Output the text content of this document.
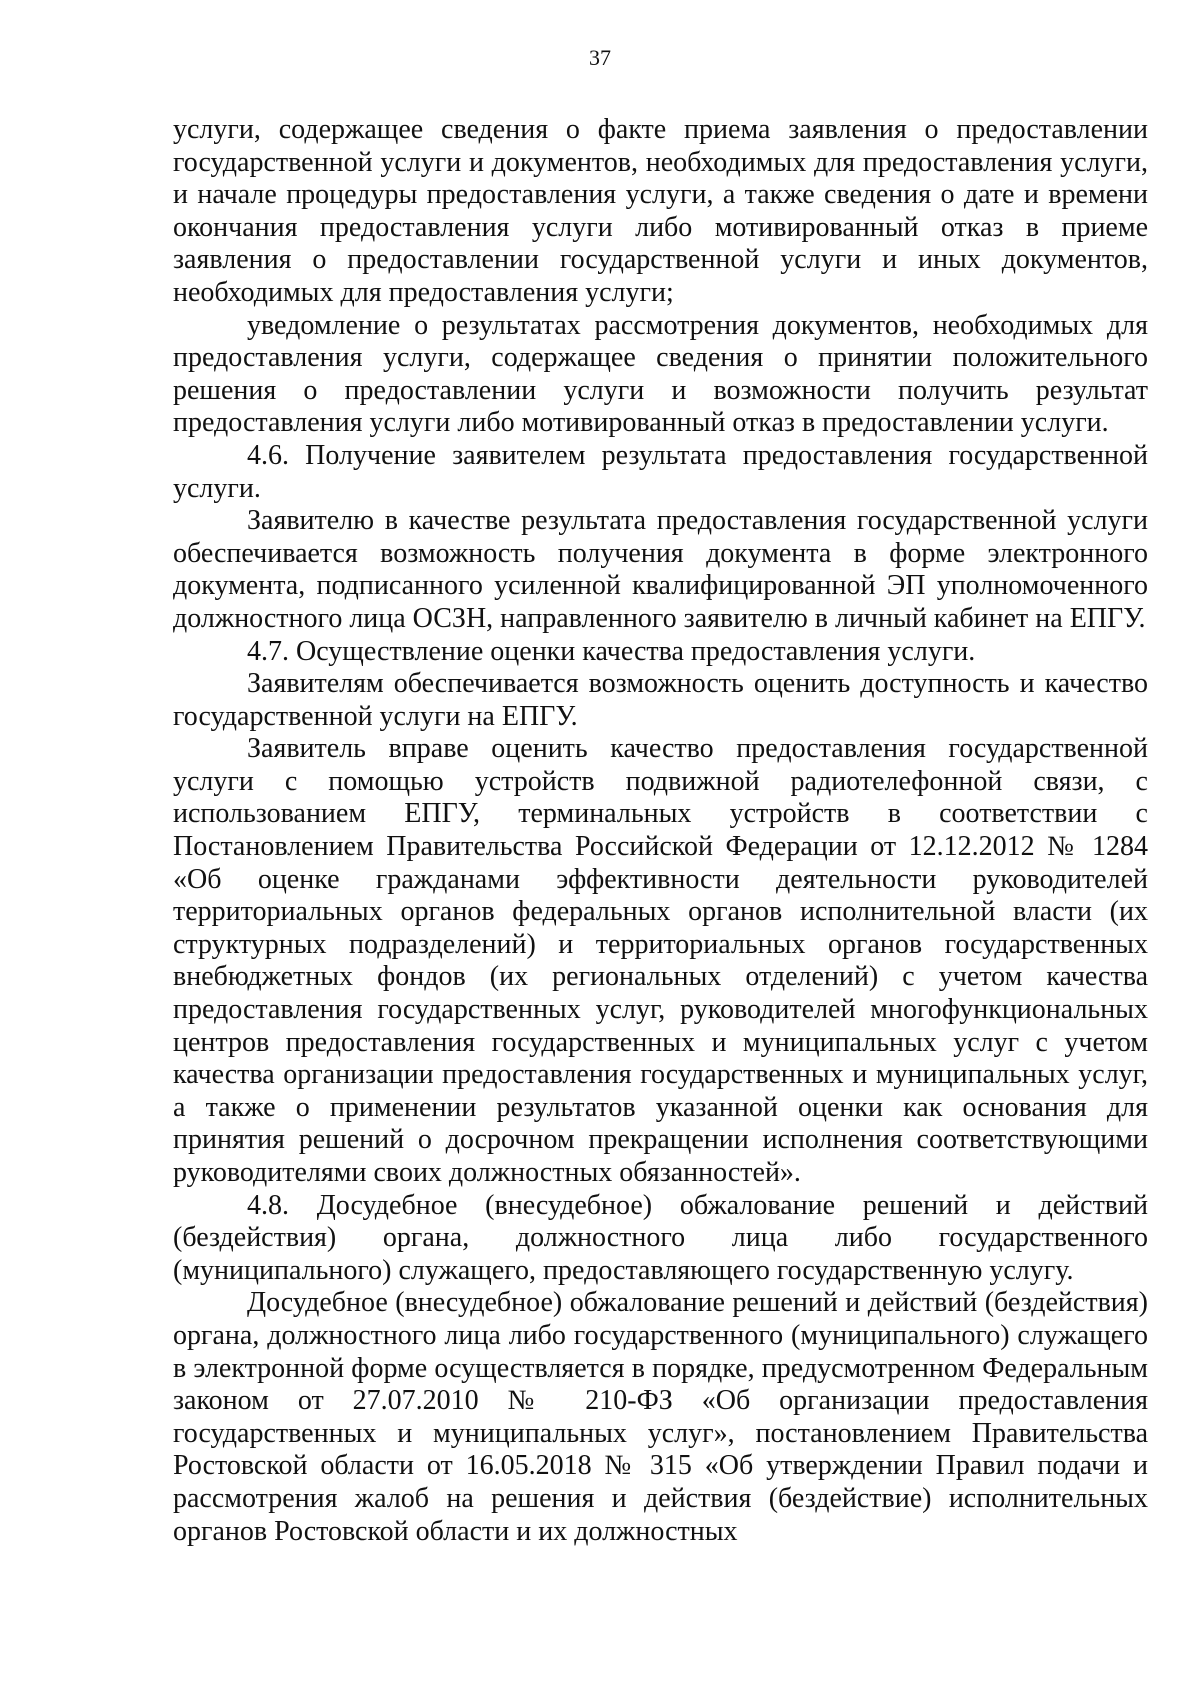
37

услуги, содержащее сведения о факте приема заявления о предоставлении государственной услуги и документов, необходимых для предоставления услуги, и начале процедуры предоставления услуги, а также сведения о дате и времени окончания предоставления услуги либо мотивированный отказ в приеме заявления о предоставлении государственной услуги и иных документов, необходимых для предоставления услуги;

уведомление о результатах рассмотрения документов, необходимых для предоставления услуги, содержащее сведения о принятии положительного решения о предоставлении услуги и возможности получить результат предоставления услуги либо мотивированный отказ в предоставлении услуги.

4.6. Получение заявителем результата предоставления государственной услуги.

Заявителю в качестве результата предоставления государственной услуги обеспечивается возможность получения документа в форме электронного документа, подписанного усиленной квалифицированной ЭП уполномоченного должностного лица ОСЗН, направленного заявителю в личный кабинет на ЕПГУ.

4.7. Осуществление оценки качества предоставления услуги.

Заявителям обеспечивается возможность оценить доступность и качество государственной услуги на ЕПГУ.

Заявитель вправе оценить качество предоставления государственной услуги с помощью устройств подвижной радиотелефонной связи, с использованием ЕПГУ, терминальных устройств в соответствии с Постановлением Правительства Российской Федерации от 12.12.2012 № 1284 «Об оценке гражданами эффективности деятельности руководителей территориальных органов федеральных органов исполнительной власти (их структурных подразделений) и территориальных органов государственных внебюджетных фондов (их региональных отделений) с учетом качества предоставления государственных услуг, руководителей многофункциональных центров предоставления государственных и муниципальных услуг с учетом качества организации предоставления государственных и муниципальных услуг, а также о применении результатов указанной оценки как основания для принятия решений о досрочном прекращении исполнения соответствующими руководителями своих должностных обязанностей».

4.8. Досудебное (внесудебное) обжалование решений и действий (бездействия) органа, должностного лица либо государственного (муниципального) служащего, предоставляющего государственную услугу.

Досудебное (внесудебное) обжалование решений и действий (бездействия) органа, должностного лица либо государственного (муниципального) служащего в электронной форме осуществляется в порядке, предусмотренном Федеральным законом от 27.07.2010 № 210-ФЗ «Об организации предоставления государственных и муниципальных услуг», постановлением Правительства Ростовской области от 16.05.2018 № 315 «Об утверждении Правил подачи и рассмотрения жалоб на решения и действия (бездействие) исполнительных органов Ростовской области и их должностных
